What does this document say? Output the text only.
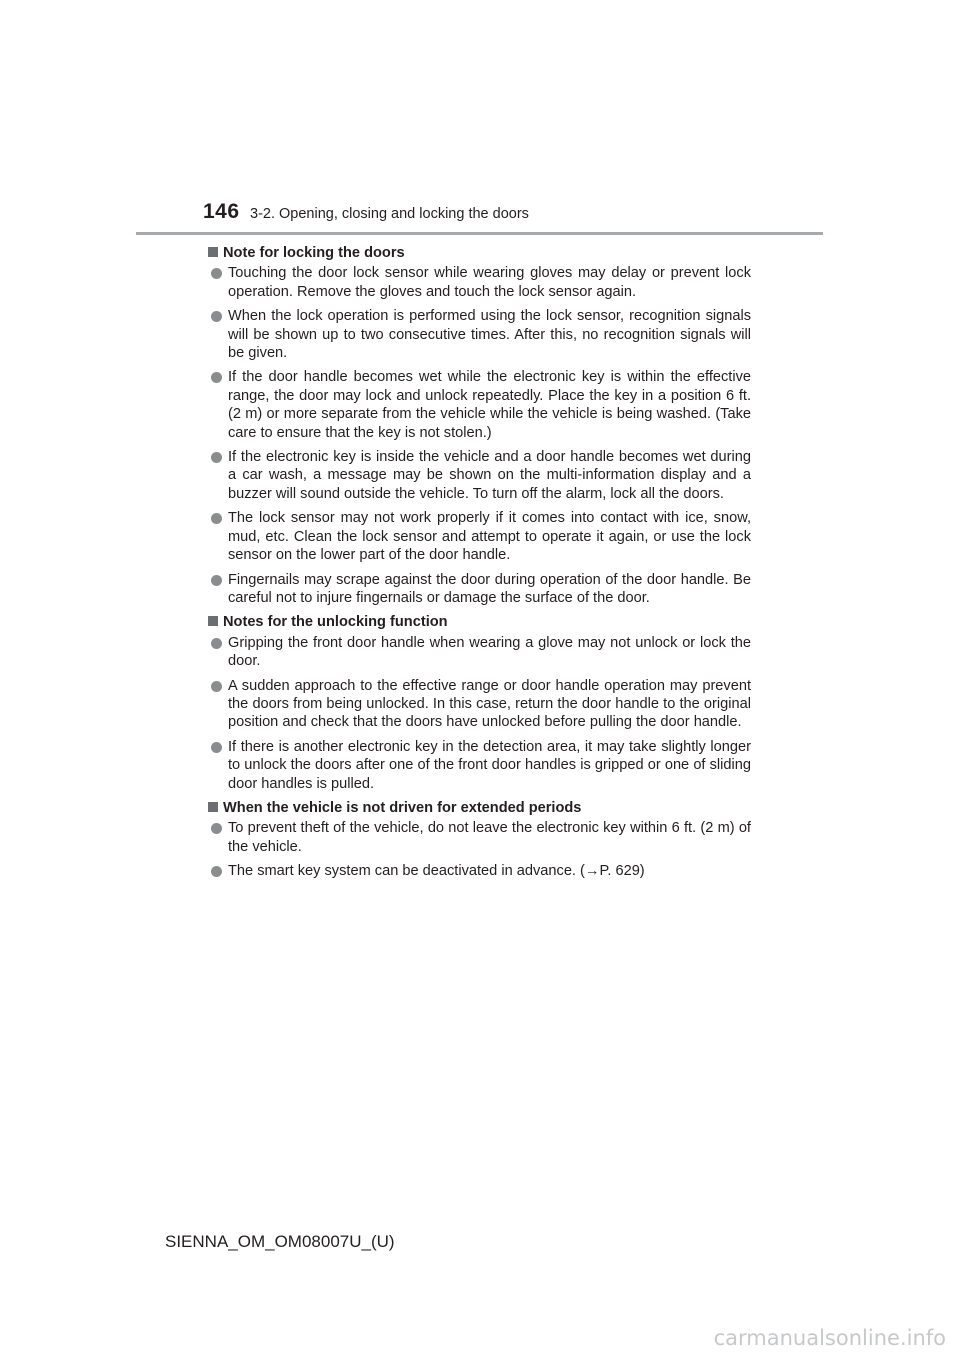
146 3-2. Opening, closing and locking the doors
Note for locking the doors
Touching the door lock sensor while wearing gloves may delay or prevent lock operation. Remove the gloves and touch the lock sensor again.
When the lock operation is performed using the lock sensor, recognition signals will be shown up to two consecutive times. After this, no recognition signals will be given.
If the door handle becomes wet while the electronic key is within the effective range, the door may lock and unlock repeatedly. Place the key in a position 6 ft. (2 m) or more separate from the vehicle while the vehicle is being washed. (Take care to ensure that the key is not stolen.)
If the electronic key is inside the vehicle and a door handle becomes wet during a car wash, a message may be shown on the multi-information display and a buzzer will sound outside the vehicle. To turn off the alarm, lock all the doors.
The lock sensor may not work properly if it comes into contact with ice, snow, mud, etc. Clean the lock sensor and attempt to operate it again, or use the lock sensor on the lower part of the door handle.
Fingernails may scrape against the door during operation of the door handle. Be careful not to injure fingernails or damage the surface of the door.
Notes for the unlocking function
Gripping the front door handle when wearing a glove may not unlock or lock the door.
A sudden approach to the effective range or door handle operation may prevent the doors from being unlocked. In this case, return the door handle to the original position and check that the doors have unlocked before pulling the door handle.
If there is another electronic key in the detection area, it may take slightly longer to unlock the doors after one of the front door handles is gripped or one of sliding door handles is pulled.
When the vehicle is not driven for extended periods
To prevent theft of the vehicle, do not leave the electronic key within 6 ft. (2 m) of the vehicle.
The smart key system can be deactivated in advance. (→P. 629)
SIENNA_OM_OM08007U_(U)
carmanualsonline.info
